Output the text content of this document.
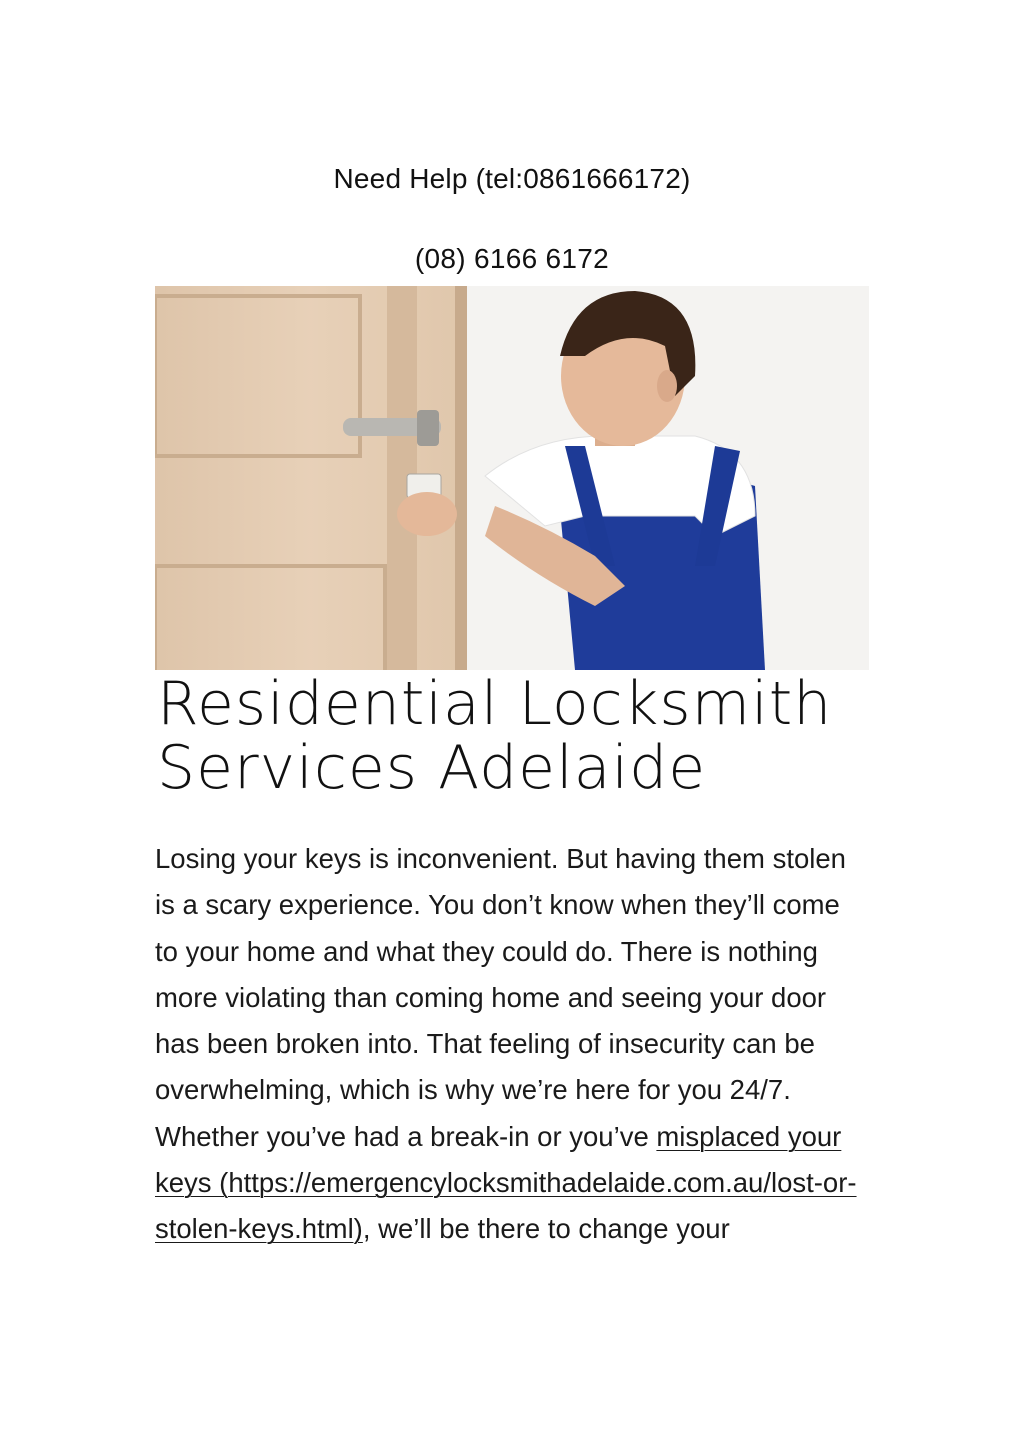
Need Help (tel:0861666172)
(08) 6166 6172
Residential Locksmith
Services Adelaide

Losing your keys is inconvenient. But having them stolen is a scary experience. You don’t know when they’ll come to your home and what they could do. There is nothing more violating than coming home and seeing your door has been broken into. That feeling of insecurity can be overwhelming, which is why we’re here for you 24/7. Whether you’ve had a break-in or you’ve misplaced your keys (https://emergencylocksmithadelaide.com.au/lost-or-stolen-keys.html), we’ll be there to change your
